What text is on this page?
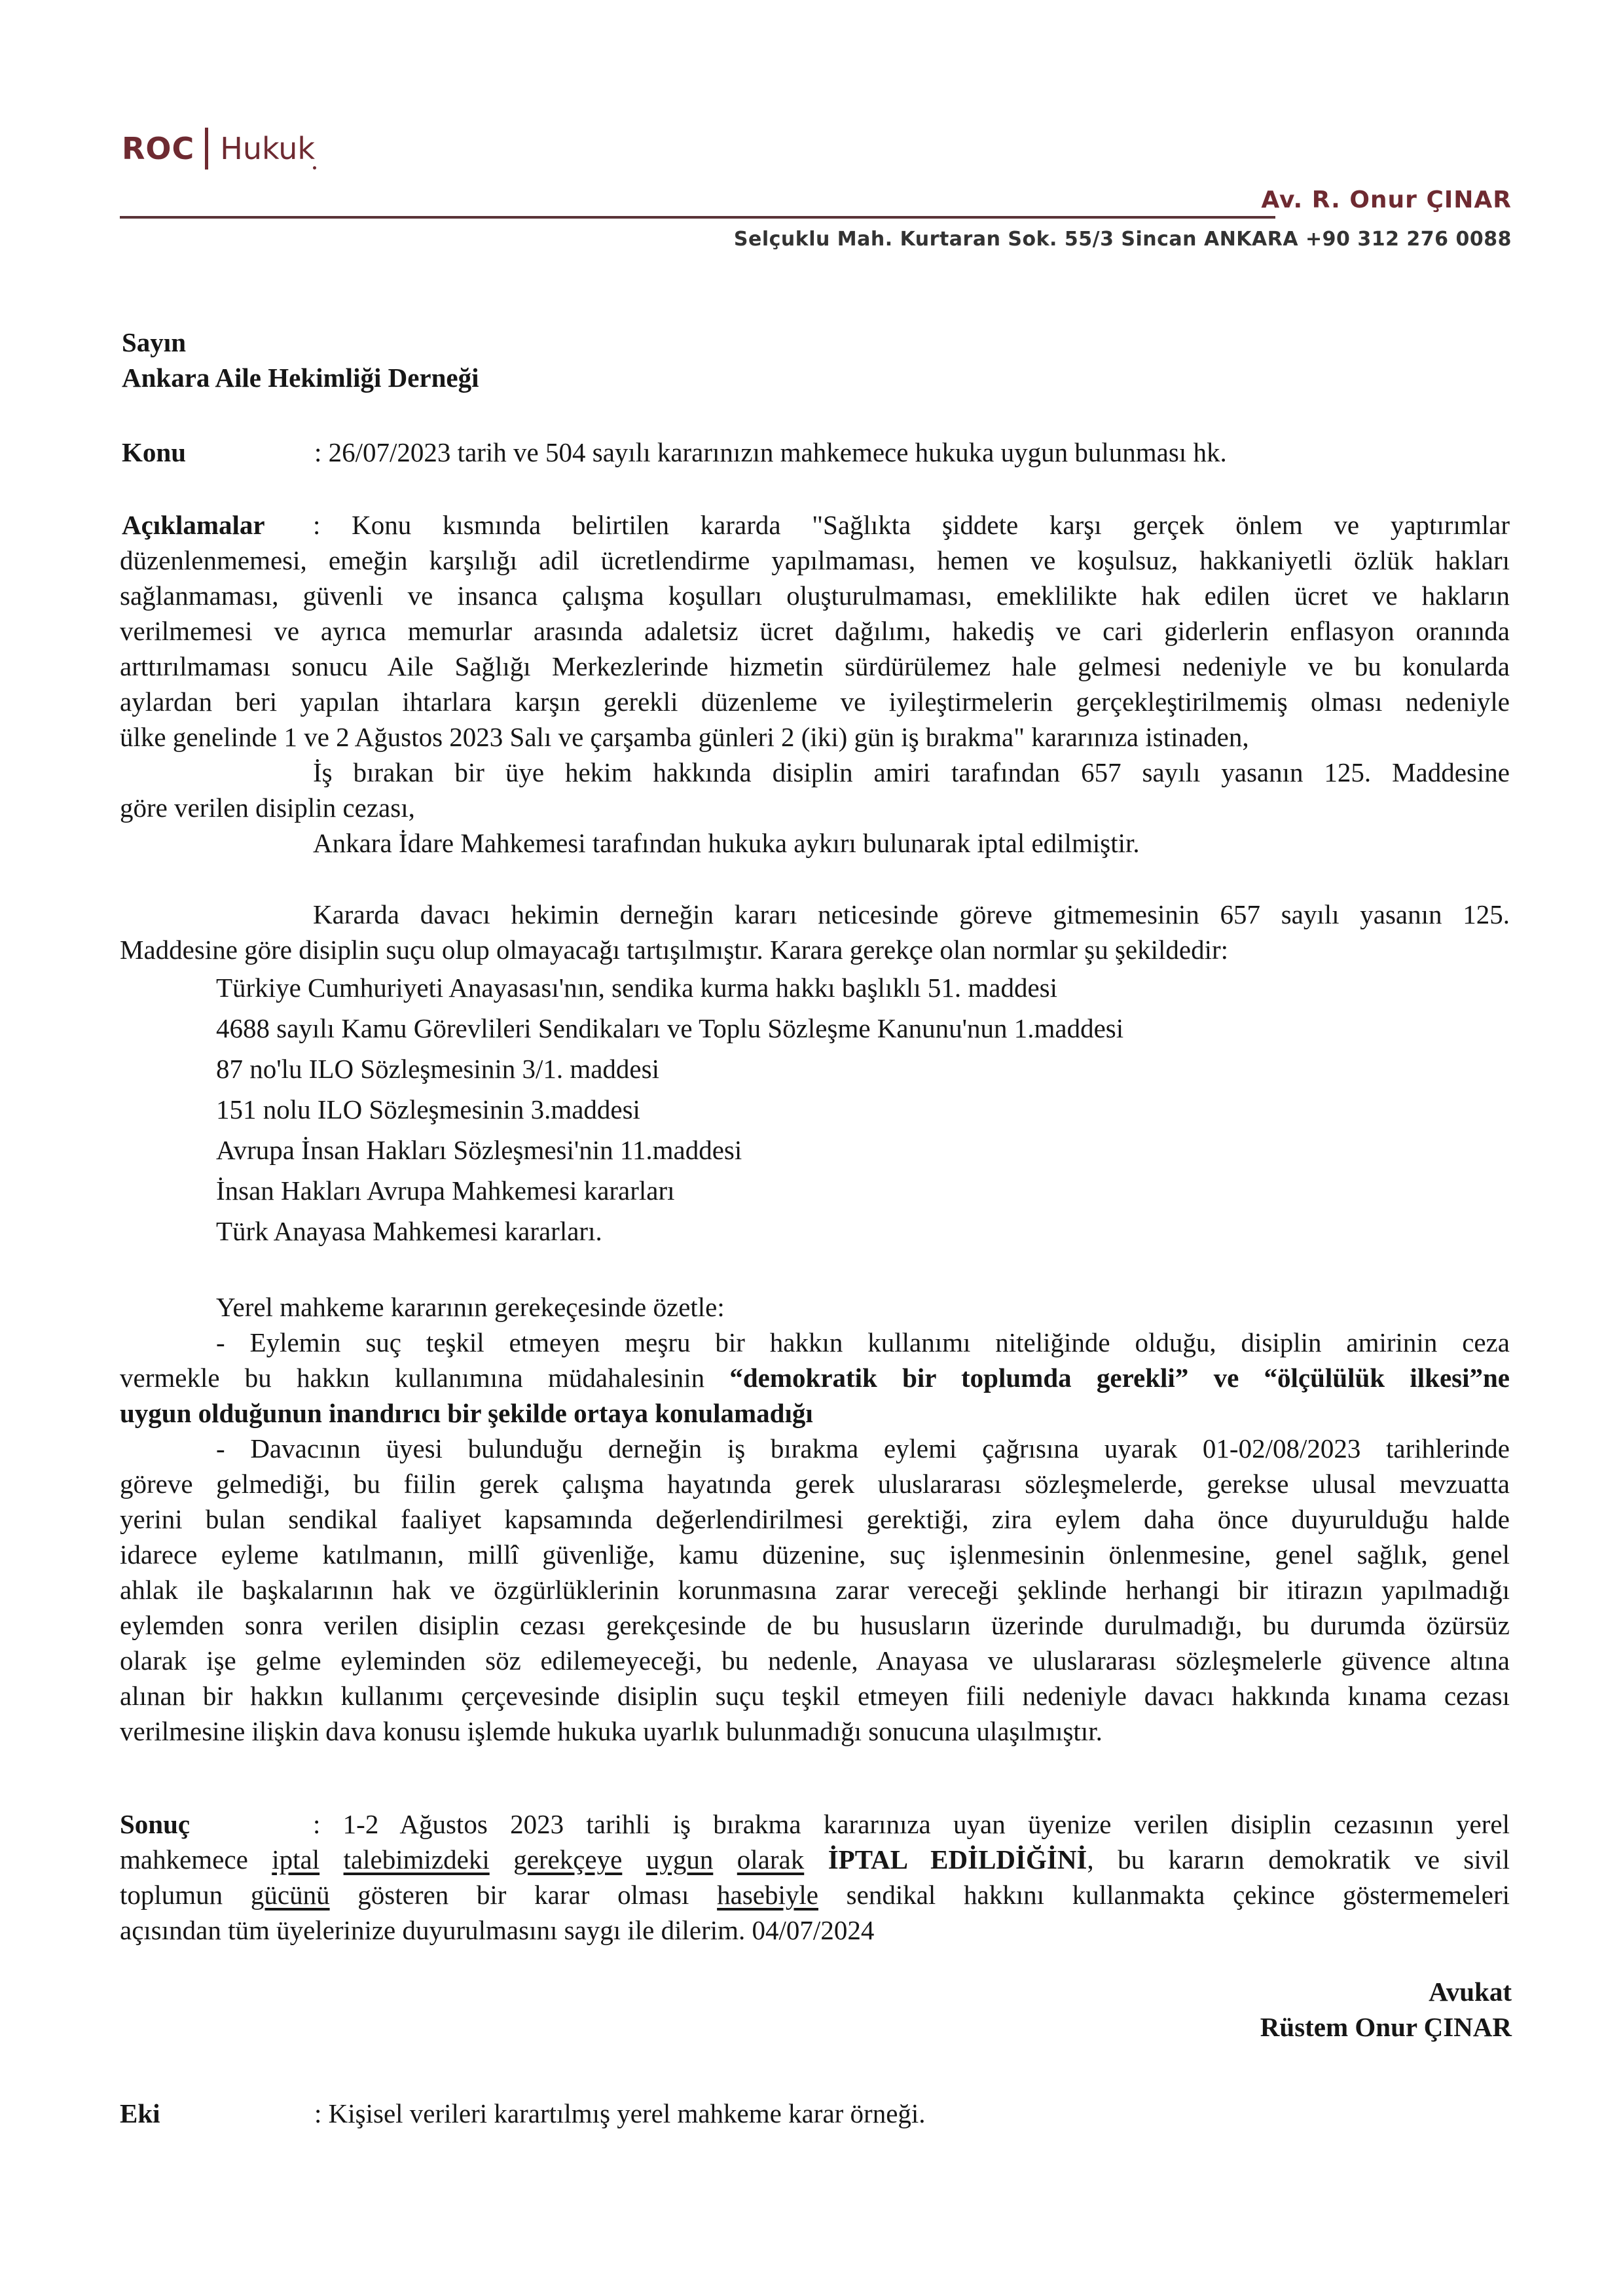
ROC Hukuk
Av. R. Onur ÇINAR
Selçuklu Mah. Kurtaran Sok. 55/3 Sincan ANKARA +90 312 276 0088
Sayın
Ankara Aile Hekimliği Derneği
Konu	: 26/07/2023 tarih ve 504 sayılı kararınızın mahkemece hukuka uygun bulunması hk.
Açıklamalar : Konu kısmında belirtilen kararda "Sağlıkta şiddete karşı gerçek önlem ve yaptırımlar
düzenlenmemesi, emeğin karşılığı adil ücretlendirme yapılmaması, hemen ve koşulsuz, hakkaniyetli özlük hakları
sağlanmaması, güvenli ve insanca çalışma koşulları oluşturulmaması, emeklilikte hak edilen ücret ve hakların
verilmemesi ve ayrıca memurlar arasında adaletsiz ücret dağılımı, hakediş ve cari giderlerin enflasyon oranında
arttırılmaması sonucu Aile Sağlığı Merkezlerinde hizmetin sürdürülemez hale gelmesi nedeniyle ve bu konularda
aylardan beri yapılan ihtarlara karşın gerekli düzenleme ve iyileştirmelerin gerçekleştirilmemiş olması nedeniyle
ülke genelinde 1 ve 2 Ağustos 2023 Salı ve çarşamba günleri 2 (iki) gün iş bırakma" kararınıza istinaden,
İş bırakan bir üye hekim hakkında disiplin amiri tarafından 657 sayılı yasanın 125. Maddesine
göre verilen disiplin cezası,
Ankara İdare Mahkemesi tarafından hukuka aykırı bulunarak iptal edilmiştir.
Kararda davacı hekimin derneğin kararı neticesinde göreve gitmemesinin 657 sayılı yasanın 125.
Maddesine göre disiplin suçu olup olmayacağı tartışılmıştır. Karara gerekçe olan normlar şu şekildedir:
Türkiye Cumhuriyeti Anayasası'nın, sendika kurma hakkı başlıklı 51. maddesi
4688 sayılı Kamu Görevlileri Sendikaları ve Toplu Sözleşme Kanunu'nun 1.maddesi
87 no'lu ILO Sözleşmesinin 3/1. maddesi
151 nolu ILO Sözleşmesinin 3.maddesi
Avrupa İnsan Hakları Sözleşmesi'nin 11.maddesi
İnsan Hakları Avrupa Mahkemesi kararları
Türk Anayasa Mahkemesi kararları.
Yerel mahkeme kararının gerekeçesinde özetle:
- Eylemin suç teşkil etmeyen meşru bir hakkın kullanımı niteliğinde olduğu, disiplin amirinin ceza
vermekle bu hakkın kullanımına müdahalesinin “demokratik bir toplumda gerekli” ve “ölçülülük ilkesi”ne
uygun olduğunun inandırıcı bir şekilde ortaya konulamadığı
- Davacının üyesi bulunduğu derneğin iş bırakma eylemi çağrısına uyarak 01-02/08/2023 tarihlerinde
göreve gelmediği, bu fiilin gerek çalışma hayatında gerek uluslararası sözleşmelerde, gerekse ulusal mevzuatta
yerini bulan sendikal faaliyet kapsamında değerlendirilmesi gerektiği, zira eylem daha önce duyurulduğu halde
idarece eyleme katılmanın, millî güvenliğe, kamu düzenine, suç işlenmesinin önlenmesine, genel sağlık, genel
ahlak ile başkalarının hak ve özgürlüklerinin korunmasına zarar vereceği şeklinde herhangi bir itirazın yapılmadığı
eylemden sonra verilen disiplin cezası gerekçesinde de bu hususların üzerinde durulmadığı, bu durumda özürsüz
olarak işe gelme eyleminden söz edilemeyeceği, bu nedenle, Anayasa ve uluslararası sözleşmelerle güvence altına
alınan bir hakkın kullanımı çerçevesinde disiplin suçu teşkil etmeyen fiili nedeniyle davacı hakkında kınama cezası
verilmesine ilişkin dava konusu işlemde hukuka uyarlık bulunmadığı sonucuna ulaşılmıştır.
Sonuç	: 1-2 Ağustos 2023 tarihli iş bırakma kararınıza uyan üyenize verilen disiplin cezasının yerel
mahkemece iptal talebimizdeki gerekçeye uygun olarak İPTAL EDİLDİĞİNİ, bu kararın demokratik ve sivil
toplumun gücünü gösteren bir karar olması hasebiyle sendikal hakkını kullanmakta çekince göstermemeleri
açısından tüm üyelerinize duyurulmasını saygı ile dilerim. 04/07/2024
Avukat
Rüstem Onur ÇINAR
Eki	: Kişisel verileri karartılmış yerel mahkeme karar örneği.
